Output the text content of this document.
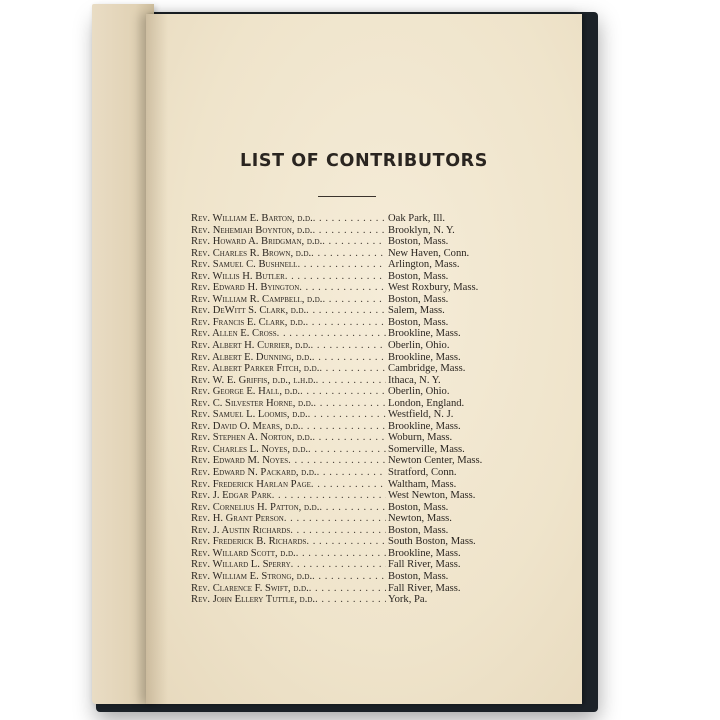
LIST OF CONTRIBUTORS
Rev. William E. Barton, d.d. . . .	Oak Park, Ill.
Rev. Nehemiah Boynton, d.d. . . .	Brooklyn, N. Y.
Rev. Howard A. Bridgman, d.d. . . .	Boston, Mass.
Rev. Charles R. Brown, d.d. . . .	New Haven, Conn.
Rev. Samuel C. Bushnell . . .	Arlington, Mass.
Rev. Willis H. Butler . . .	Boston, Mass.
Rev. Edward H. Byington . . .	West Roxbury, Mass.
Rev. William R. Campbell, d.d. . . .	Boston, Mass.
Rev. DeWitt S. Clark, d.d. . . .	Salem, Mass.
Rev. Francis E. Clark, d.d. . . .	Boston, Mass.
Rev. Allen E. Cross . . .	Brookline, Mass.
Rev. Albert H. Currier, d.d. . . .	Oberlin, Ohio.
Rev. Albert E. Dunning, d.d. . . .	Brookline, Mass.
Rev. Albert Parker Fitch, d.d. . . .	Cambridge, Mass.
Rev. W. E. Griffis, d.d., l.h.d. . . .	Ithaca, N. Y.
Rev. George E. Hall, d.d. . . .	Oberlin, Ohio.
Rev. C. Silvester Horne, d.d. . . .	London, England.
Rev. Samuel L. Loomis, d.d. . . .	Westfield, N. J.
Rev. David O. Mears, d.d. . . .	Brookline, Mass.
Rev. Stephen A. Norton, d.d. . . .	Woburn, Mass.
Rev. Charles L. Noyes, d.d. . . .	Somerville, Mass.
Rev. Edward M. Noyes . . .	Newton Center, Mass.
Rev. Edward N. Packard, d.d. . . .	Stratford, Conn.
Rev. Frederick Harlan Page . . .	Waltham, Mass.
Rev. J. Edgar Park . . .	West Newton, Mass.
Rev. Cornelius H. Patton, d.d. . . .	Boston, Mass.
Rev. H. Grant Person . . .	Newton, Mass.
Rev. J. Austin Richards . . .	Boston, Mass.
Rev. Frederick B. Richards . . .	South Boston, Mass.
Rev. Willard Scott, d.d. . . .	Brookline, Mass.
Rev. Willard L. Sperry . . .	Fall River, Mass.
Rev. William E. Strong, d.d. . . .	Boston, Mass.
Rev. Clarence F. Swift, d.d. . . .	Fall River, Mass.
Rev. John Ellery Tuttle, d.d. . . .	York, Pa.
